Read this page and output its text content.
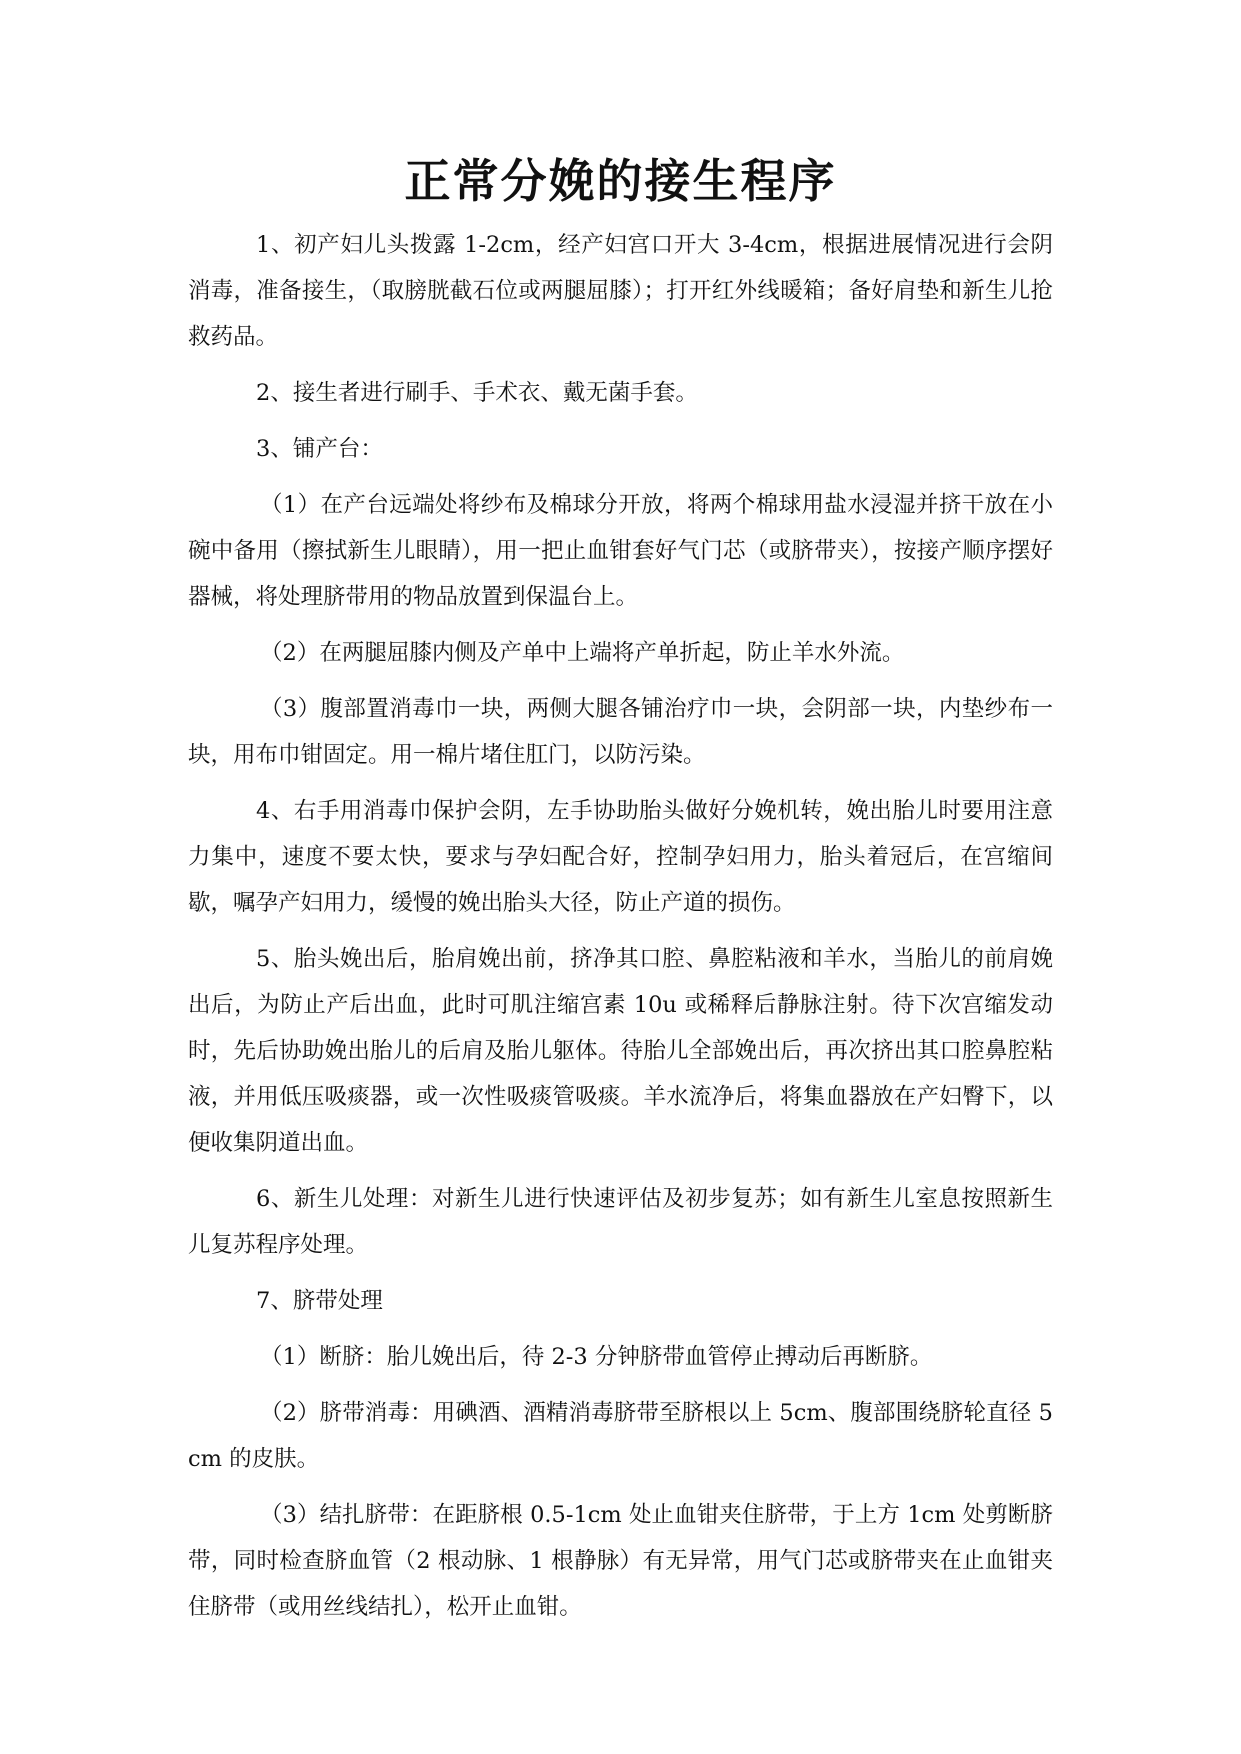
正常分娩的接生程序

1、初产妇儿头拨露 1-2cm，经产妇宫口开大 3-4cm，根据进展情况进行会阴消毒，准备接生，（取膀胱截石位或两腿屈膝）；打开红外线暖箱；备好肩垫和新生儿抢救药品。

2、接生者进行刷手、手术衣、戴无菌手套。

3、铺产台：

（1）在产台远端处将纱布及棉球分开放，将两个棉球用盐水浸湿并挤干放在小碗中备用（擦拭新生儿眼睛），用一把止血钳套好气门芯（或脐带夹），按接产顺序摆好器械，将处理脐带用的物品放置到保温台上。

（2）在两腿屈膝内侧及产单中上端将产单折起，防止羊水外流。

（3）腹部置消毒巾一块，两侧大腿各铺治疗巾一块，会阴部一块，内垫纱布一块，用布巾钳固定。用一棉片堵住肛门，以防污染。

4、右手用消毒巾保护会阴，左手协助胎头做好分娩机转，娩出胎儿时要用注意力集中，速度不要太快，要求与孕妇配合好，控制孕妇用力，胎头着冠后，在宫缩间歇，嘱孕产妇用力，缓慢的娩出胎头大径，防止产道的损伤。

5、胎头娩出后，胎肩娩出前，挤净其口腔、鼻腔粘液和羊水，当胎儿的前肩娩出后，为防止产后出血，此时可肌注缩宫素 10u 或稀释后静脉注射。待下次宫缩发动时，先后协助娩出胎儿的后肩及胎儿躯体。待胎儿全部娩出后，再次挤出其口腔鼻腔粘液，并用低压吸痰器，或一次性吸痰管吸痰。羊水流净后，将集血器放在产妇臀下，以便收集阴道出血。

6、新生儿处理：对新生儿进行快速评估及初步复苏；如有新生儿室息按照新生儿复苏程序处理。

7、脐带处理

（1）断脐：胎儿娩出后，待 2-3 分钟脐带血管停止搏动后再断脐。

（2）脐带消毒：用碘酒、酒精消毒脐带至脐根以上 5cm、腹部围绕脐轮直径 5cm 的皮肤。

（3）结扎脐带：在距脐根 0.5-1cm 处止血钳夹住脐带，于上方 1cm 处剪断脐带，同时检查脐血管（2 根动脉、1 根静脉）有无异常，用气门芯或脐带夹在止血钳夹住脐带（或用丝线结扎），松开止血钳。
